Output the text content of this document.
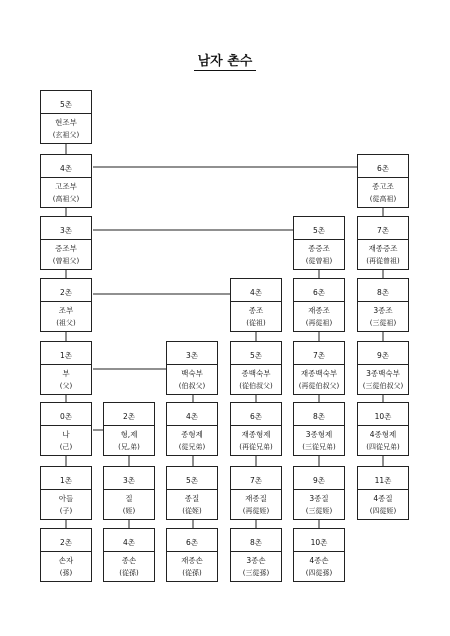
남자 촌수
5촌
현조부
(玄祖父)
4촌
고조부
(高祖父)
6촌
종고조
(從高祖)
3촌
증조부
(曾祖父)
5촌
종증조
(從曾祖)
7촌
재종증조
(再從曾祖)
2촌
조부
(祖父)
4촌
종조
(從祖)
6촌
재종조
(再從祖)
8촌
3종조
(三從祖)
1촌
부
(父)
3촌
백숙부
(伯叔父)
5촌
종백숙부
(從伯叔父)
7촌
재종백숙부
(再從伯叔父)
9촌
3종백숙부
(三從伯叔父)
0촌
나
(己)
2촌
형,제
(兄,弟)
4촌
종형제
(從兄弟)
6촌
재종형제
(再從兄弟)
8촌
3종형제
(三從兄弟)
10촌
4종형제
(四從兄弟)
1촌
아들
(子)
3촌
질
(姪)
5촌
종질
(從姪)
7촌
재종질
(再從姪)
9촌
3종질
(三從姪)
11촌
4종질
(四從姪)
2촌
손자
(孫)
4촌
종손
(從孫)
6촌
재종손
(從孫)
8촌
3종손
(三從孫)
10촌
4종손
(四從孫)
